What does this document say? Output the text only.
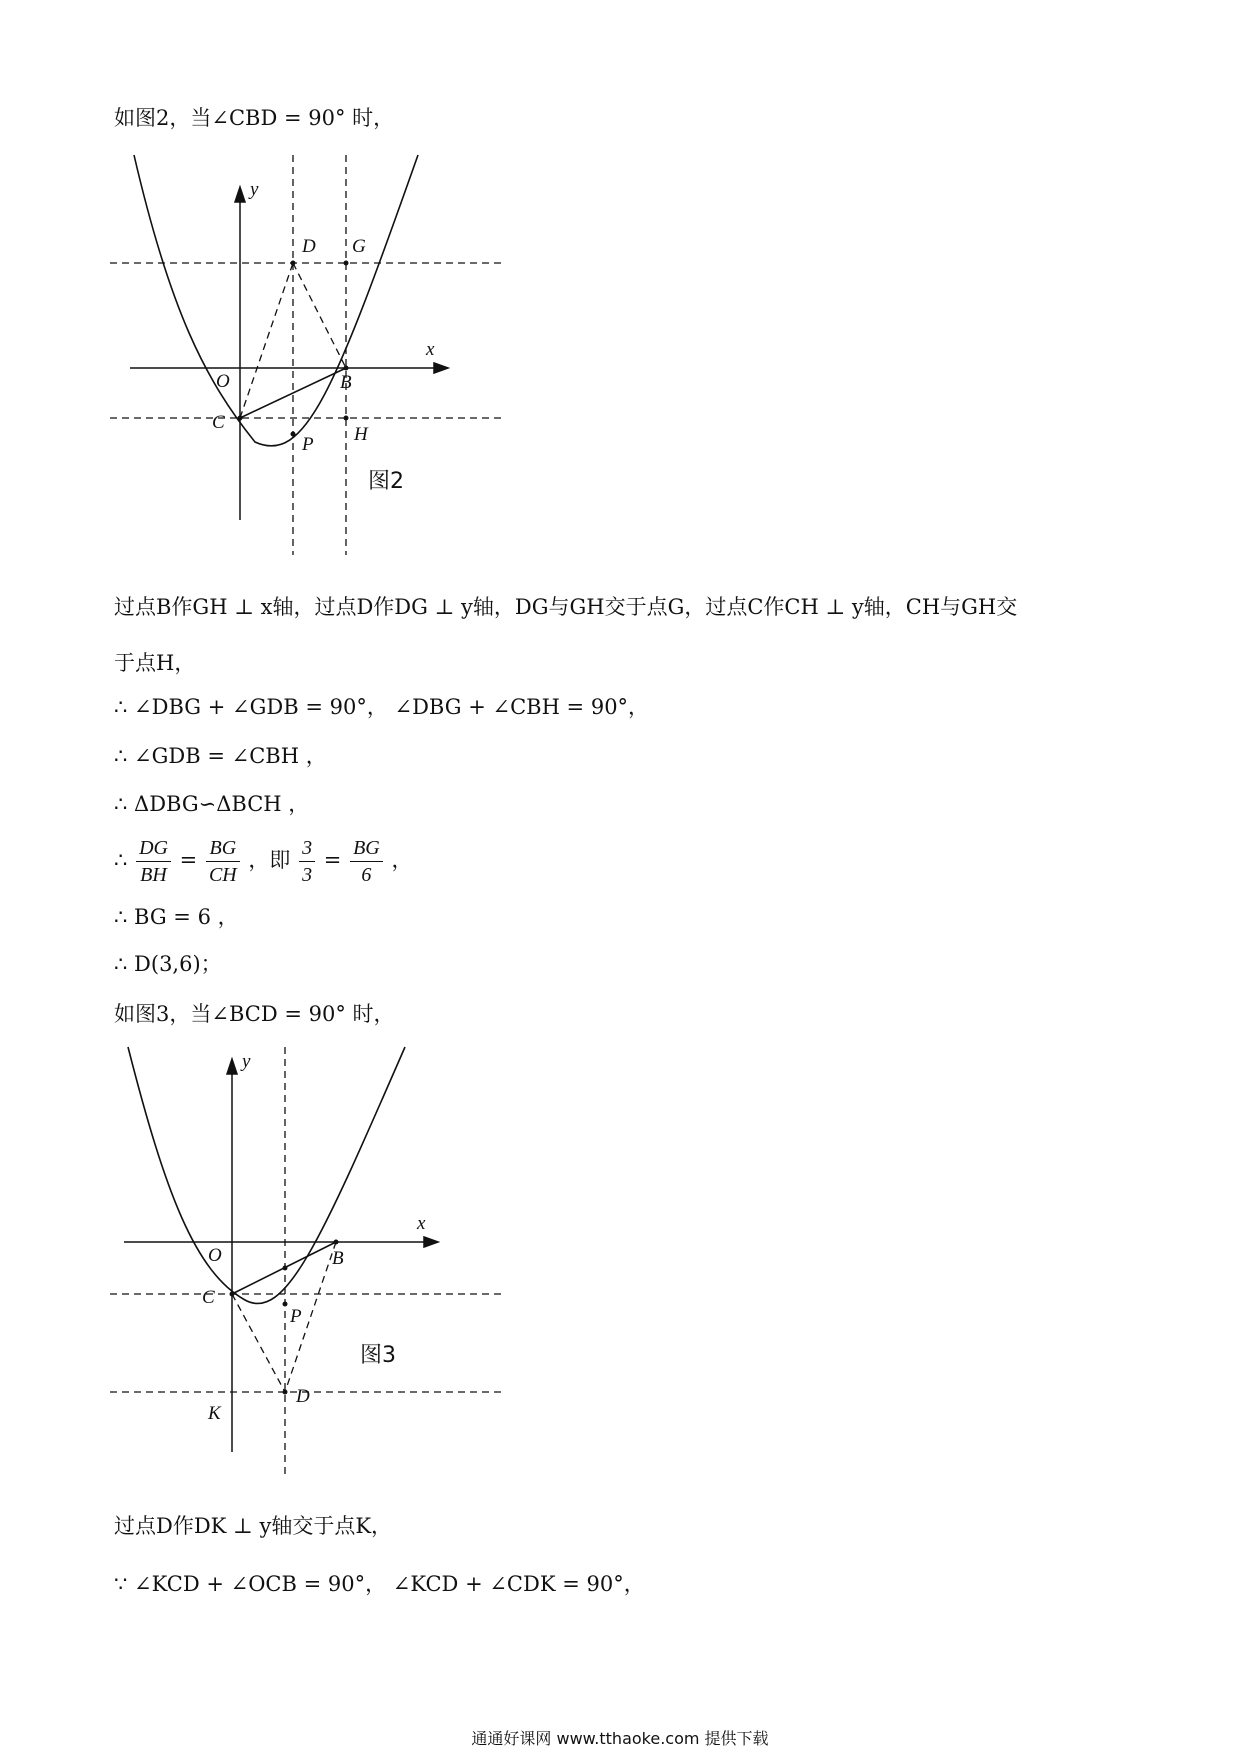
如图2，当∠CBD = 90° 时，
y
x
D G
O	B
C
P H
图2
过点B作GH ⊥ x轴，过点D作DG ⊥ y轴，DG与GH交于点G，过点C作CH ⊥ y轴，CH与GH交
于点H，
∴ ∠DBG + ∠GDB = 90°， ∠DBG + ∠CBH = 90°，
∴ ∠GDB = ∠CBH ，
∴ ΔDBG∽ΔBCH ，
∴ $\frac{DG}{BH} = \frac{BG}{CH}$ ，即 $\frac{3}{3} = \frac{BG}{6}$ ，
∴ BG = 6 ，
∴ D(3,6)；
如图3，当∠BCD = 90° 时，
y
x
O	B
C
P
D
K
图3
过点D作DK ⊥ y轴交于点K，
∵ ∠KCD + ∠OCB = 90°， ∠KCD + ∠CDK = 90°，
通通好课网 www.tthaoke.com 提供下载
